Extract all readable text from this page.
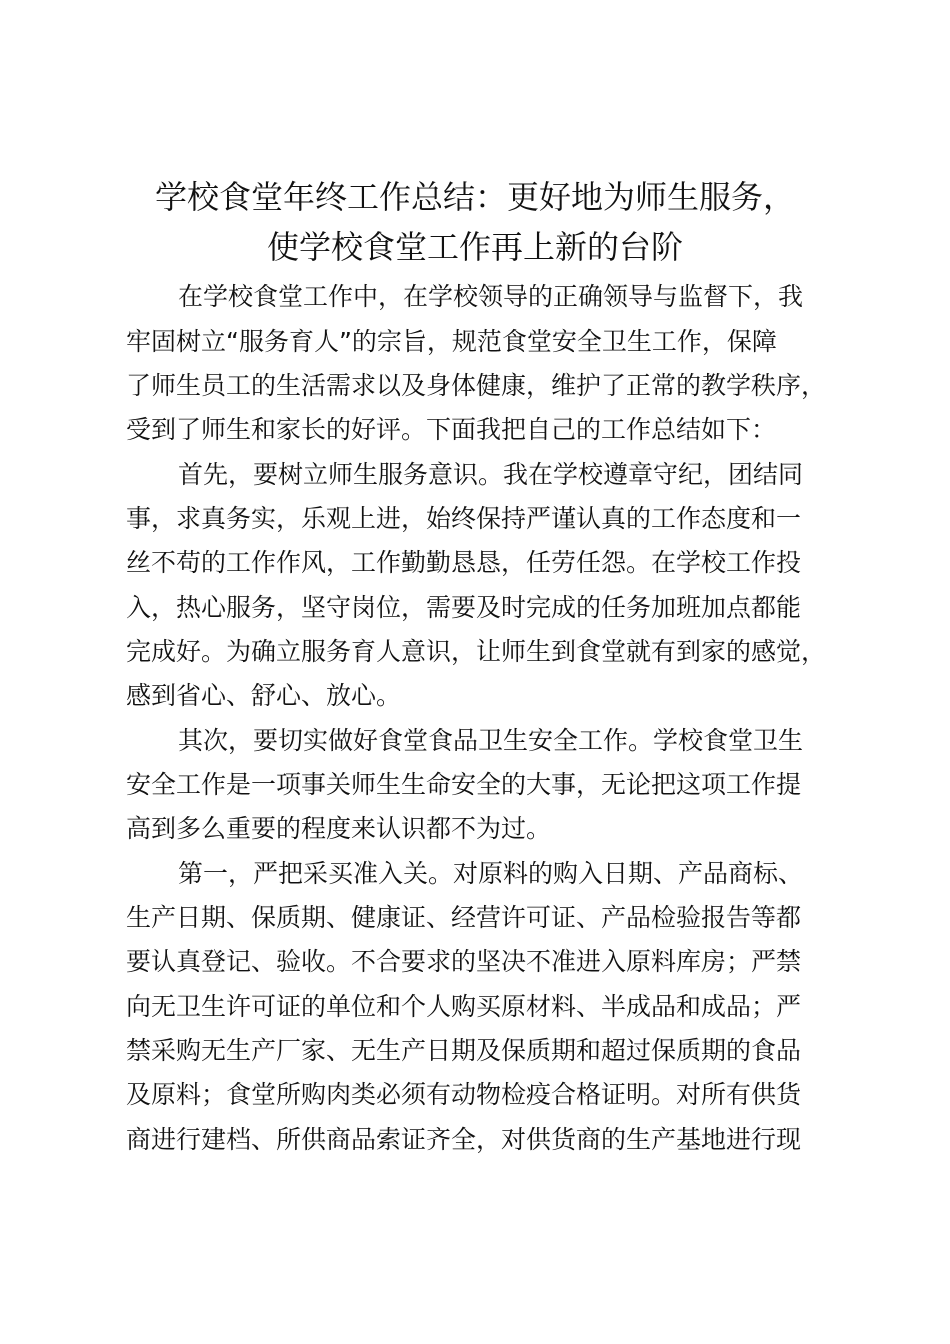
学校食堂年终工作总结：更好地为师生服务，
使学校食堂工作再上新的台阶
在学校食堂工作中，在学校领导的正确领导与监督下，我
牢固树立“服务育人”的宗旨，规范食堂安全卫生工作，保障
了师生员工的生活需求以及身体健康，维护了正常的教学秩序，
受到了师生和家长的好评。下面我把自己的工作总结如下：
首先，要树立师生服务意识。我在学校遵章守纪，团结同
事，求真务实，乐观上进，始终保持严谨认真的工作态度和一
丝不苟的工作作风，工作勤勤恳恳，任劳任怨。在学校工作投
入，热心服务，坚守岗位，需要及时完成的任务加班加点都能
完成好。为确立服务育人意识，让师生到食堂就有到家的感觉，
感到省心、舒心、放心。
其次，要切实做好食堂食品卫生安全工作。学校食堂卫生
安全工作是一项事关师生生命安全的大事，无论把这项工作提
高到多么重要的程度来认识都不为过。
第一，严把采买准入关。对原料的购入日期、产品商标、
生产日期、保质期、健康证、经营许可证、产品检验报告等都
要认真登记、验收。不合要求的坚决不准进入原料库房；严禁
向无卫生许可证的单位和个人购买原材料、半成品和成品；严
禁采购无生产厂家、无生产日期及保质期和超过保质期的食品
及原料；食堂所购肉类必须有动物检疫合格证明。对所有供货
商进行建档、所供商品索证齐全，对供货商的生产基地进行现
